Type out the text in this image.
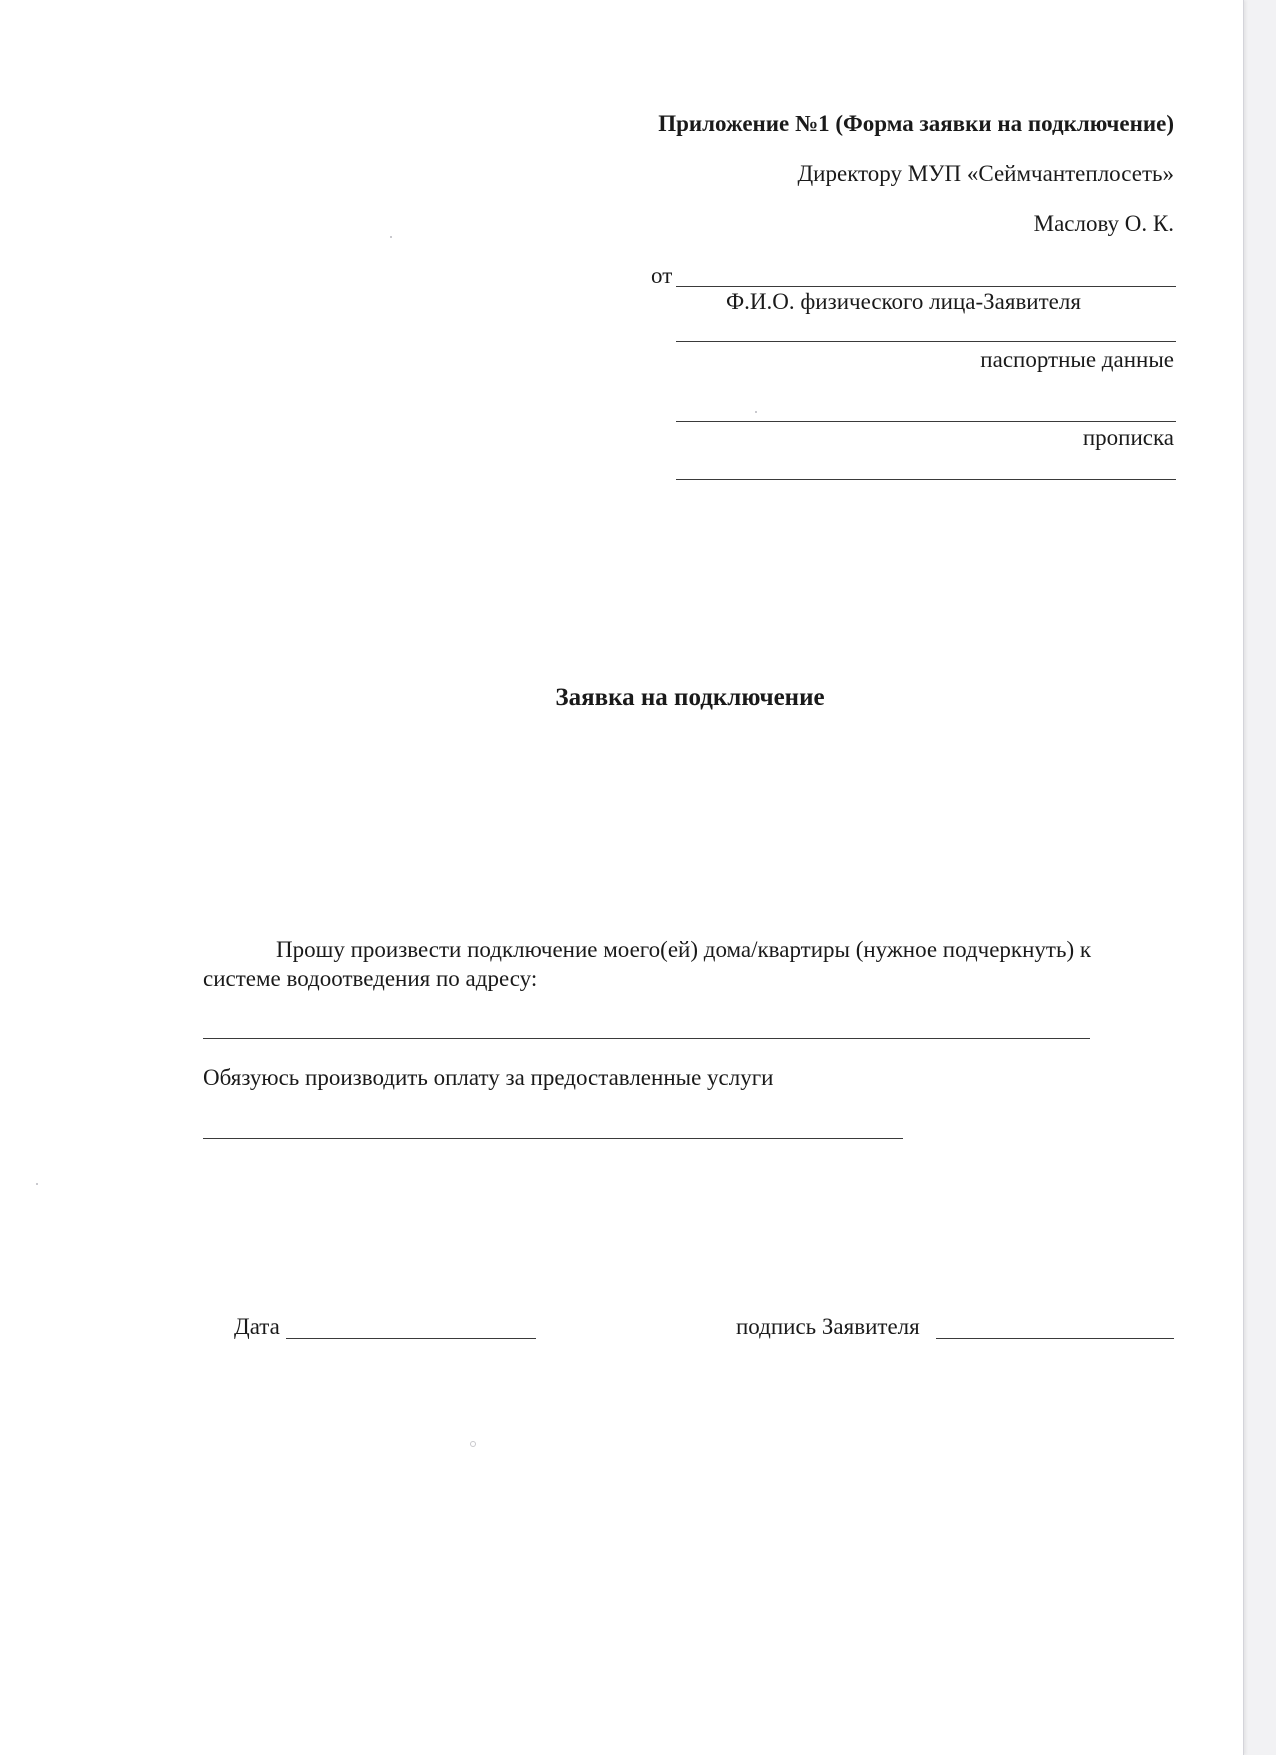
Приложение №1 (Форма заявки на подключение)
Директору МУП «Сеймчантеплосеть»
Маслову О. К.
от
Ф.И.О. физического лица-Заявителя
паспортные данные
прописка
Заявка на подключение
Прошу произвести подключение моего(ей) дома/квартиры (нужное подчеркнуть) к
системе водоотведения по адресу:
Обязуюсь производить оплату за предоставленные услуги
Дата	подпись Заявителя
